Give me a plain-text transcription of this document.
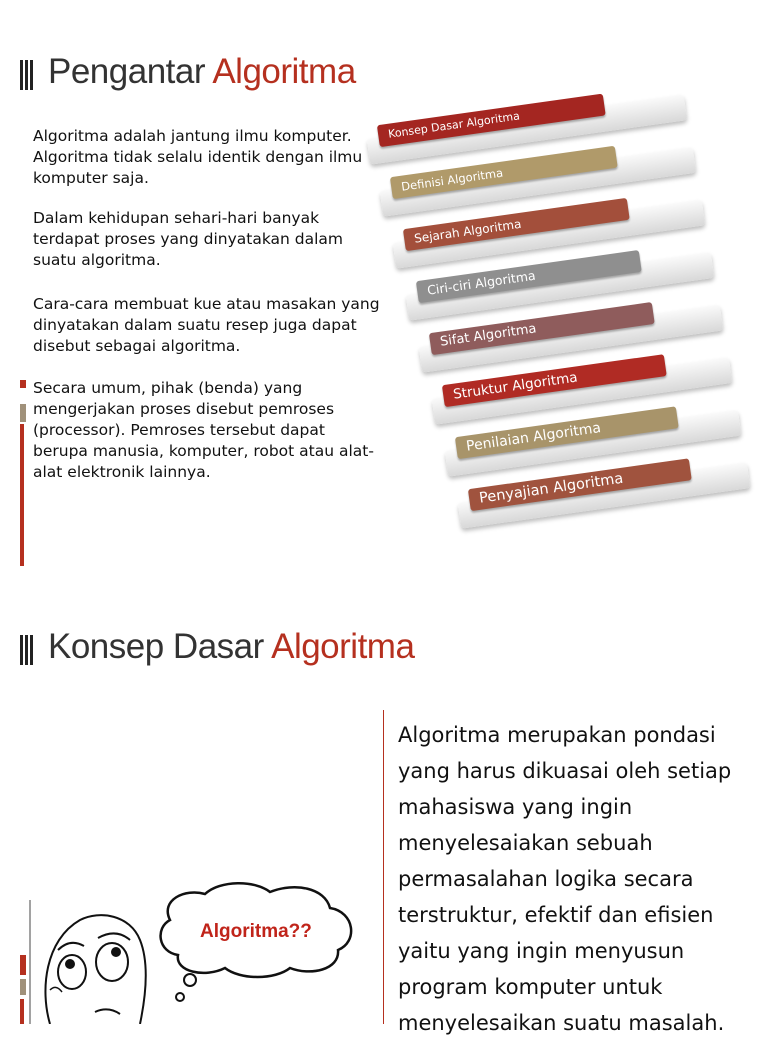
Pengantar Algoritma
Algoritma adalah jantung ilmu komputer. Algoritma tidak selalu identik dengan ilmu komputer saja.
Dalam kehidupan sehari-hari banyak terdapat proses yang dinyatakan dalam suatu algoritma.
Cara-cara membuat kue atau masakan yang dinyatakan dalam suatu resep juga dapat disebut sebagai algoritma.
Secara umum, pihak (benda) yang mengerjakan proses disebut pemroses (processor). Pemroses tersebut dapat berupa manusia, komputer, robot atau alat-alat elektronik lainnya.
Konsep Dasar Algoritma
Definisi Algoritma
Sejarah Algoritma
Ciri-ciri Algoritma
Sifat Algoritma
Struktur Algoritma
Penilaian Algoritma
Penyajian Algoritma
Konsep Dasar Algoritma
Algoritma merupakan pondasi yang harus dikuasai oleh setiap mahasiswa yang ingin menyelesaiakan sebuah permasalahan logika secara terstruktur, efektif dan efisien yaitu yang ingin menyusun program komputer untuk menyelesaikan suatu masalah.
Algoritma??
